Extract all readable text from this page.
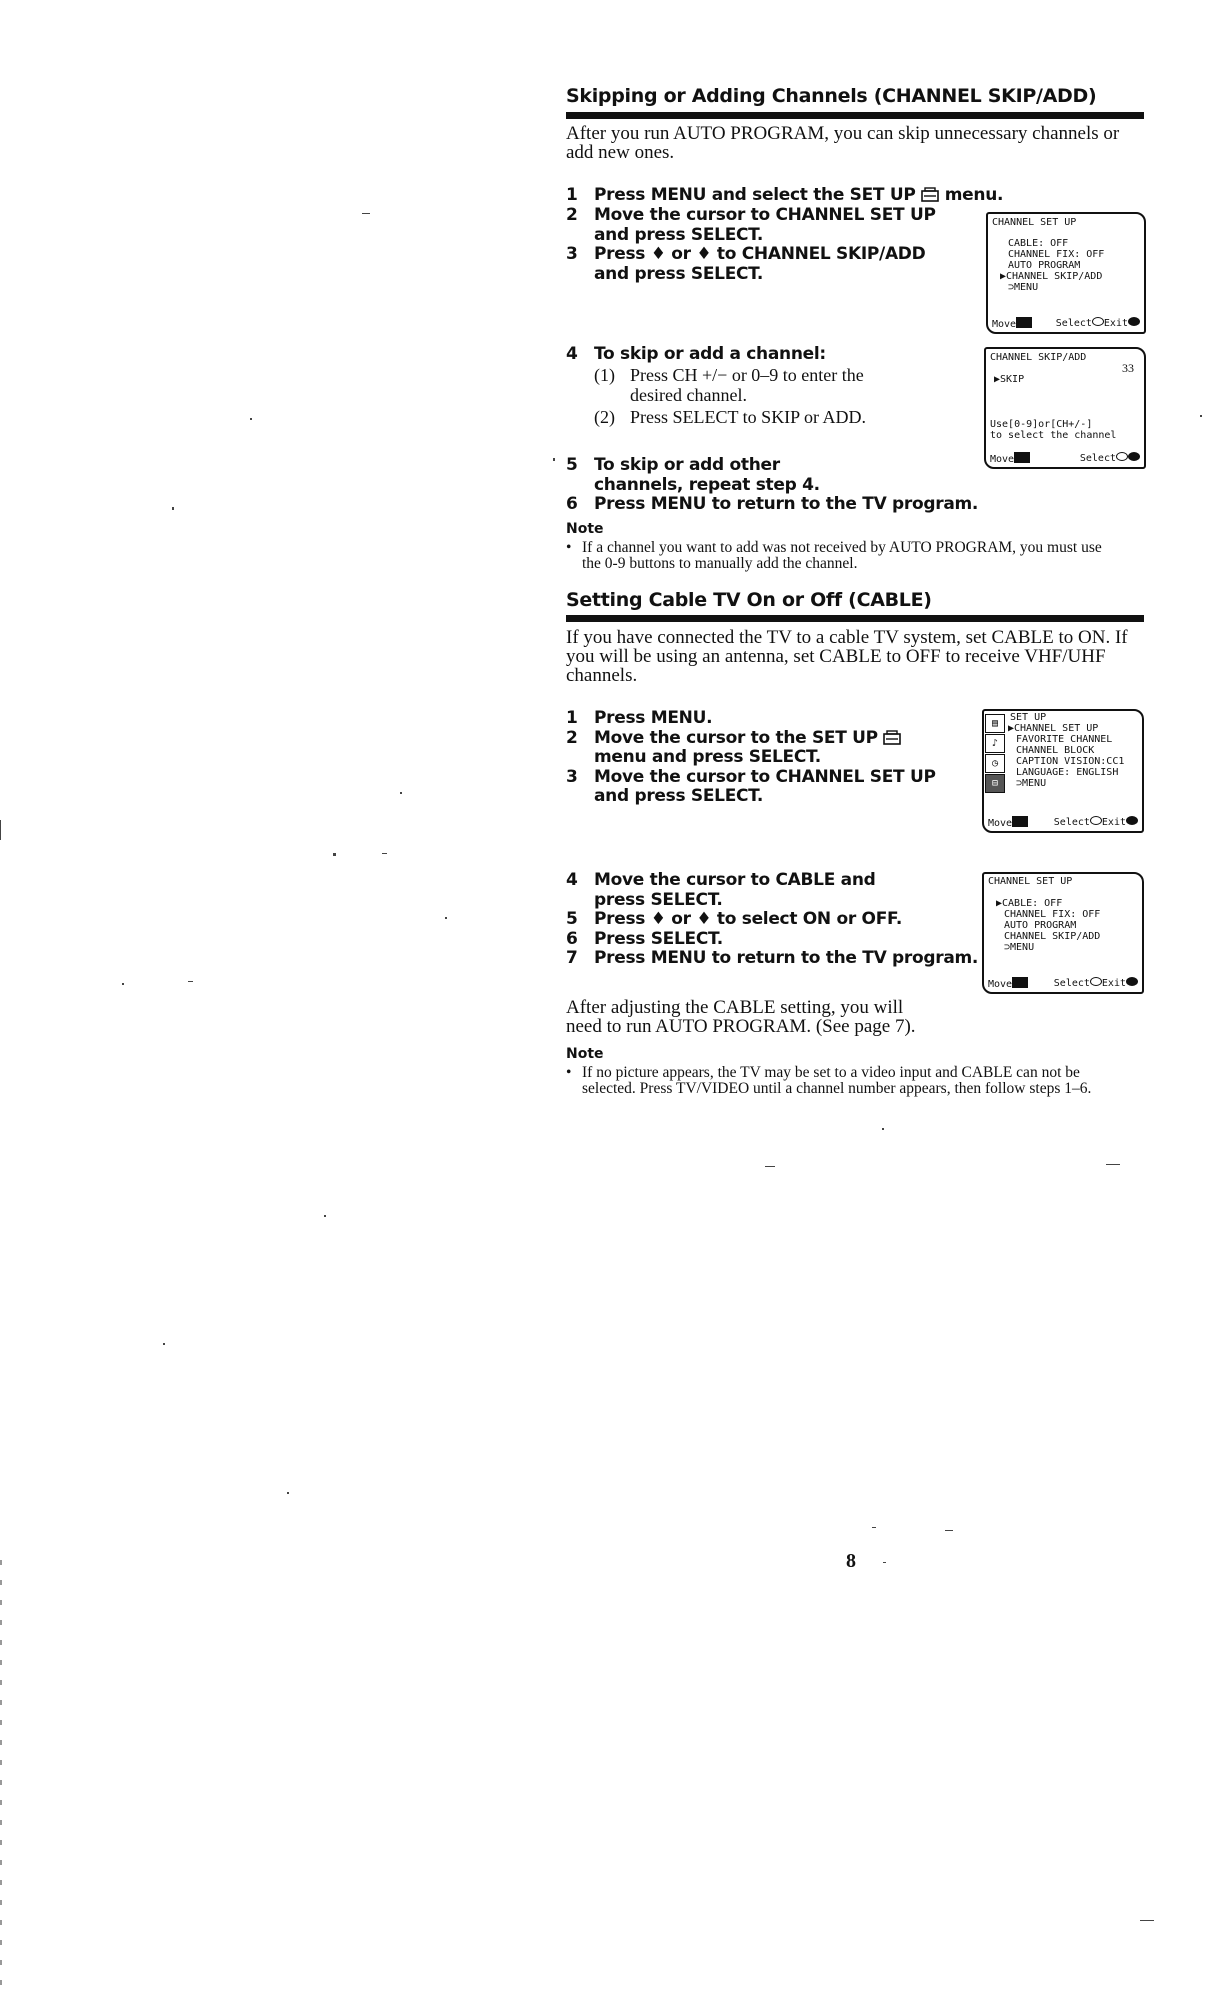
Skipping or Adding Channels (CHANNEL SKIP/ADD)
After you run AUTO PROGRAM, you can skip unnecessary channels or add new ones.
1 Press MENU and select the SET UP menu.
2 Move the cursor to CHANNEL SET UP and press SELECT.
3 Press ♦ or ♦ to CHANNEL SKIP/ADD and press SELECT.
4 To skip or add a channel:
(1) Press CH +/− or 0–9 to enter the desired channel.
(2) Press SELECT to SKIP or ADD.
5 To skip or add other channels, repeat step 4.
6 Press MENU to return to the TV program.
Note
• If a channel you want to add was not received by AUTO PROGRAM, you must use the 0-9 buttons to manually add the channel.
CHANNEL SET UP
CABLE: OFF
CHANNEL FIX: OFF
AUTO PROGRAM
▶CHANNEL SKIP/ADD
⊃MENU
Move	Select Exit
CHANNEL SKIP/ADD
33
▶SKIP
Use[0-9]or[CH+/-]
to select the channel
Move	Select
Setting Cable TV On or Off (CABLE)
If you have connected the TV to a cable TV system, set CABLE to ON. If you will be using an antenna, set CABLE to OFF to receive VHF/UHF channels.
1 Press MENU.
2 Move the cursor to the SET UP  menu and press SELECT.
3 Move the cursor to CHANNEL SET UP and press SELECT.
4 Move the cursor to CABLE and press SELECT.
5 Press ♦ or ♦ to select ON or OFF.
6 Press SELECT.
7 Press MENU to return to the TV program.
After adjusting the CABLE setting, you will need to run AUTO PROGRAM. (See page 7).
Note
• If no picture appears, the TV may be set to a video input and CABLE can not be selected. Press TV/VIDEO until a channel number appears, then follow steps 1–6.
▤
♪
◷
⊟
SET UP
▶CHANNEL SET UP
FAVORITE CHANNEL
CHANNEL BLOCK
CAPTION VISION:CC1
LANGUAGE: ENGLISH
⊃MENU
Move	Select Exit
CHANNEL SET UP
▶CABLE: OFF
CHANNEL FIX: OFF
AUTO PROGRAM
CHANNEL SKIP/ADD
⊃MENU
Move	Select Exit
8
